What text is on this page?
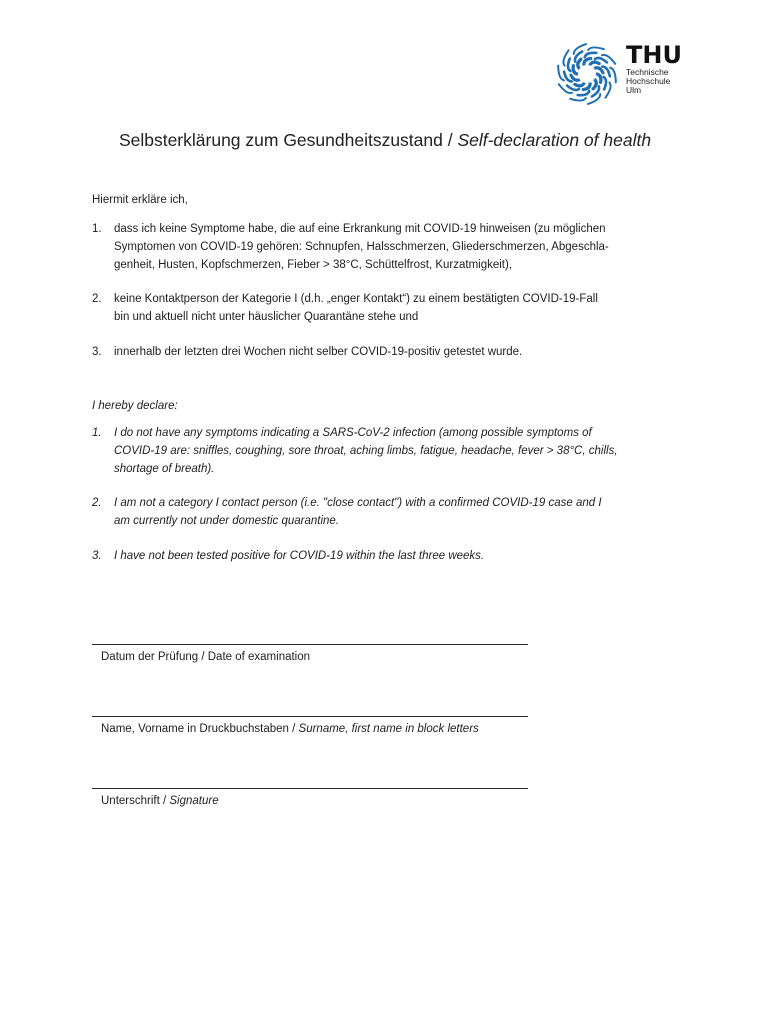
THU
Technische
Hochschule
Ulm
Selbsterklärung zum Gesundheitszustand / Self-declaration of health
Hiermit erkläre ich,
1.	dass ich keine Symptome habe, die auf eine Erkrankung mit COVID-19 hinweisen (zu möglichen
Symptomen von COVID-19 gehören: Schnupfen, Halsschmerzen, Gliederschmerzen, Abgeschla-
genheit, Husten, Kopfschmerzen, Fieber > 38°C, Schüttelfrost, Kurzatmigkeit),
2.	keine Kontaktperson der Kategorie I (d.h. „enger Kontakt“) zu einem bestätigten COVID-19-Fall
bin und aktuell nicht unter häuslicher Quarantäne stehe und
3.	innerhalb der letzten drei Wochen nicht selber COVID-19-positiv getestet wurde.
I hereby declare:
1.	I do not have any symptoms indicating a SARS-CoV-2 infection (among possible symptoms of
COVID-19 are: sniffles, coughing, sore throat, aching limbs, fatigue, headache, fever > 38°C, chills,
shortage of breath).
2.	I am not a category I contact person (i.e. "close contact") with a confirmed COVID-19 case and I
am currently not under domestic quarantine.
3.	I have not been tested positive for COVID-19 within the last three weeks.
Datum der Prüfung / Date of examination
Name, Vorname in Druckbuchstaben / Surname, first name in block letters
Unterschrift / Signature
